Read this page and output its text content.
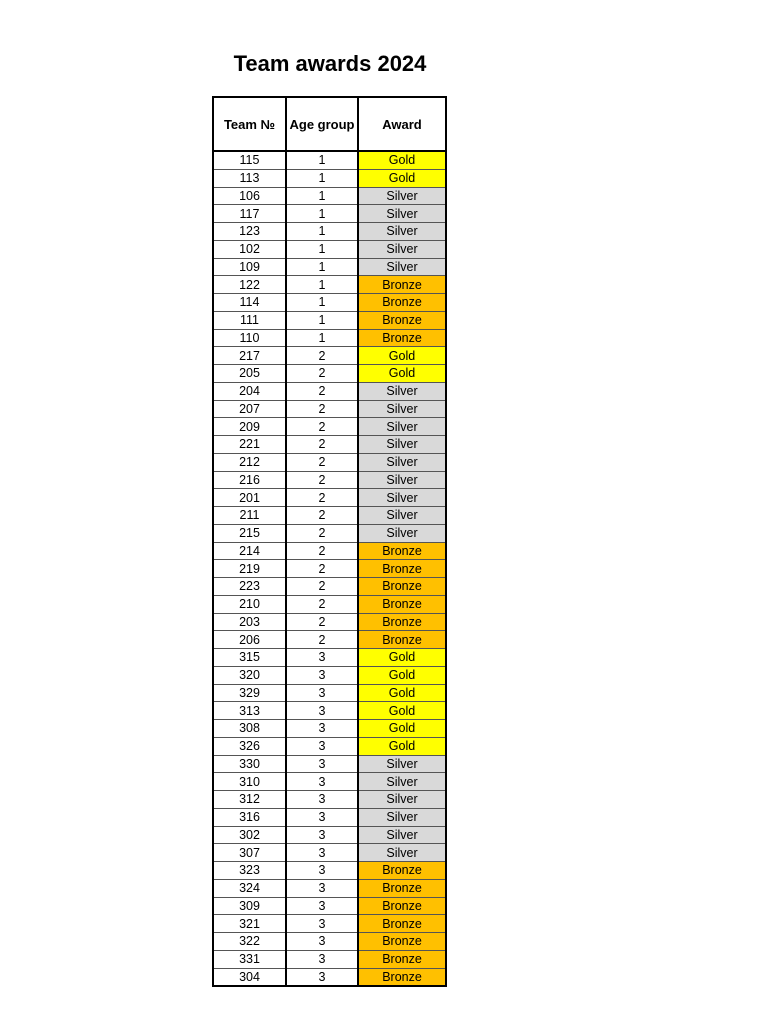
Team awards 2024
Team №	Age group	Award
115	1	Gold
113	1	Gold
106	1	Silver
117	1	Silver
123	1	Silver
102	1	Silver
109	1	Silver
122	1	Bronze
114	1	Bronze
111	1	Bronze
110	1	Bronze
217	2	Gold
205	2	Gold
204	2	Silver
207	2	Silver
209	2	Silver
221	2	Silver
212	2	Silver
216	2	Silver
201	2	Silver
211	2	Silver
215	2	Silver
214	2	Bronze
219	2	Bronze
223	2	Bronze
210	2	Bronze
203	2	Bronze
206	2	Bronze
315	3	Gold
320	3	Gold
329	3	Gold
313	3	Gold
308	3	Gold
326	3	Gold
330	3	Silver
310	3	Silver
312	3	Silver
316	3	Silver
302	3	Silver
307	3	Silver
323	3	Bronze
324	3	Bronze
309	3	Bronze
321	3	Bronze
322	3	Bronze
331	3	Bronze
304	3	Bronze
